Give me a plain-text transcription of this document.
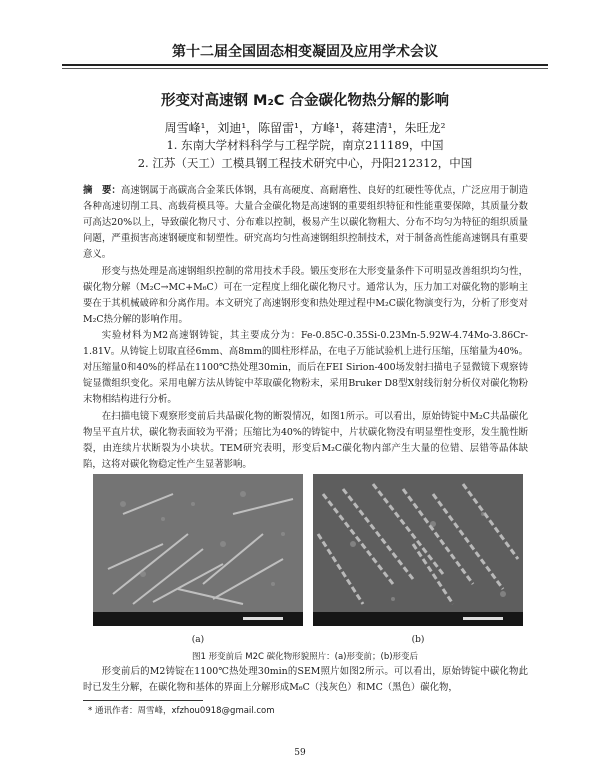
第十二届全国固态相变凝固及应用学术会议
形变对高速钢 M₂C 合金碳化物热分解的影响
周雪峰¹，刘迪¹，陈留雷¹，方峰¹，蒋建清¹，朱旺龙²
1. 东南大学材料科学与工程学院，南京211189，中国
2. 江苏（天工）工模具钢工程技术研究中心，丹阳212312，中国
摘　要：高速钢属于高碳高合金莱氏体钢，具有高硬度、高耐磨性、良好的红硬性等优点，广泛应用于制造各种高速切削工具、高载荷模具等。大量合金碳化物是高速钢的重要组织特征和性能重要保障，其质量分数可高达20%以上，导致碳化物尺寸、分布难以控制，极易产生以碳化物粗大、分布不均匀为特征的组织质量问题，严重损害高速钢硬度和韧塑性。研究高均匀性高速钢组织控制技术，对于制备高性能高速钢具有重要意义。

形变与热处理是高速钢组织控制的常用技术手段。锻压变形在大形变量条件下可明显改善组织均匀性，碳化物分解（M₂C→MC+M₆C）可在一定程度上细化碳化物尺寸。通常认为，压力加工对碳化物的影响主要在于其机械破碎和分离作用。本文研究了高速钢形变和热处理过程中M₂C碳化物演变行为，分析了形变对M₂C热分解的影响作用。

实验材料为M2高速钢铸锭，其主要成分为：Fe-0.85C-0.35Si-0.23Mn-5.92W-4.74Mo-3.86Cr-1.81V。从铸锭上切取直径6mm、高8mm的圆柱形样品，在电子万能试验机上进行压缩，压缩量为40%。对压缩量0和40%的样品在1100℃热处理30min，而后在FEI Sirion-400场发射扫描电子显微镜下观察铸锭显微组织变化。采用电解方法从铸锭中萃取碳化物粉末，采用Bruker D8型X射线衍射分析仪对碳化物粉末物相结构进行分析。

在扫描电镜下观察形变前后共晶碳化物的断裂情况，如图1所示。可以看出，原始铸锭中M₂C共晶碳化物呈平直片状，碳化物表面较为平滑；压缩比为40%的铸锭中，片状碳化物没有明显塑性变形，发生脆性断裂，由连续片状断裂为小块状。TEM研究表明，形变后M₂C碳化物内部产生大量的位错、层错等晶体缺陷，这将对碳化物稳定性产生显著影响。

(a)	(b)
图1 形变前后 M2C 碳化物形貌照片：(a)形变前；(b)形变后

形变前后的M2铸锭在1100℃热处理30min的SEM照片如图2所示。可以看出，原始铸锭中碳化物此时已发生分解，在碳化物和基体的界面上分解形成M₆C（浅灰色）和MC（黑色）碳化物，

* 通讯作者：周雪峰，xfzhou0918@gmail.com
59
